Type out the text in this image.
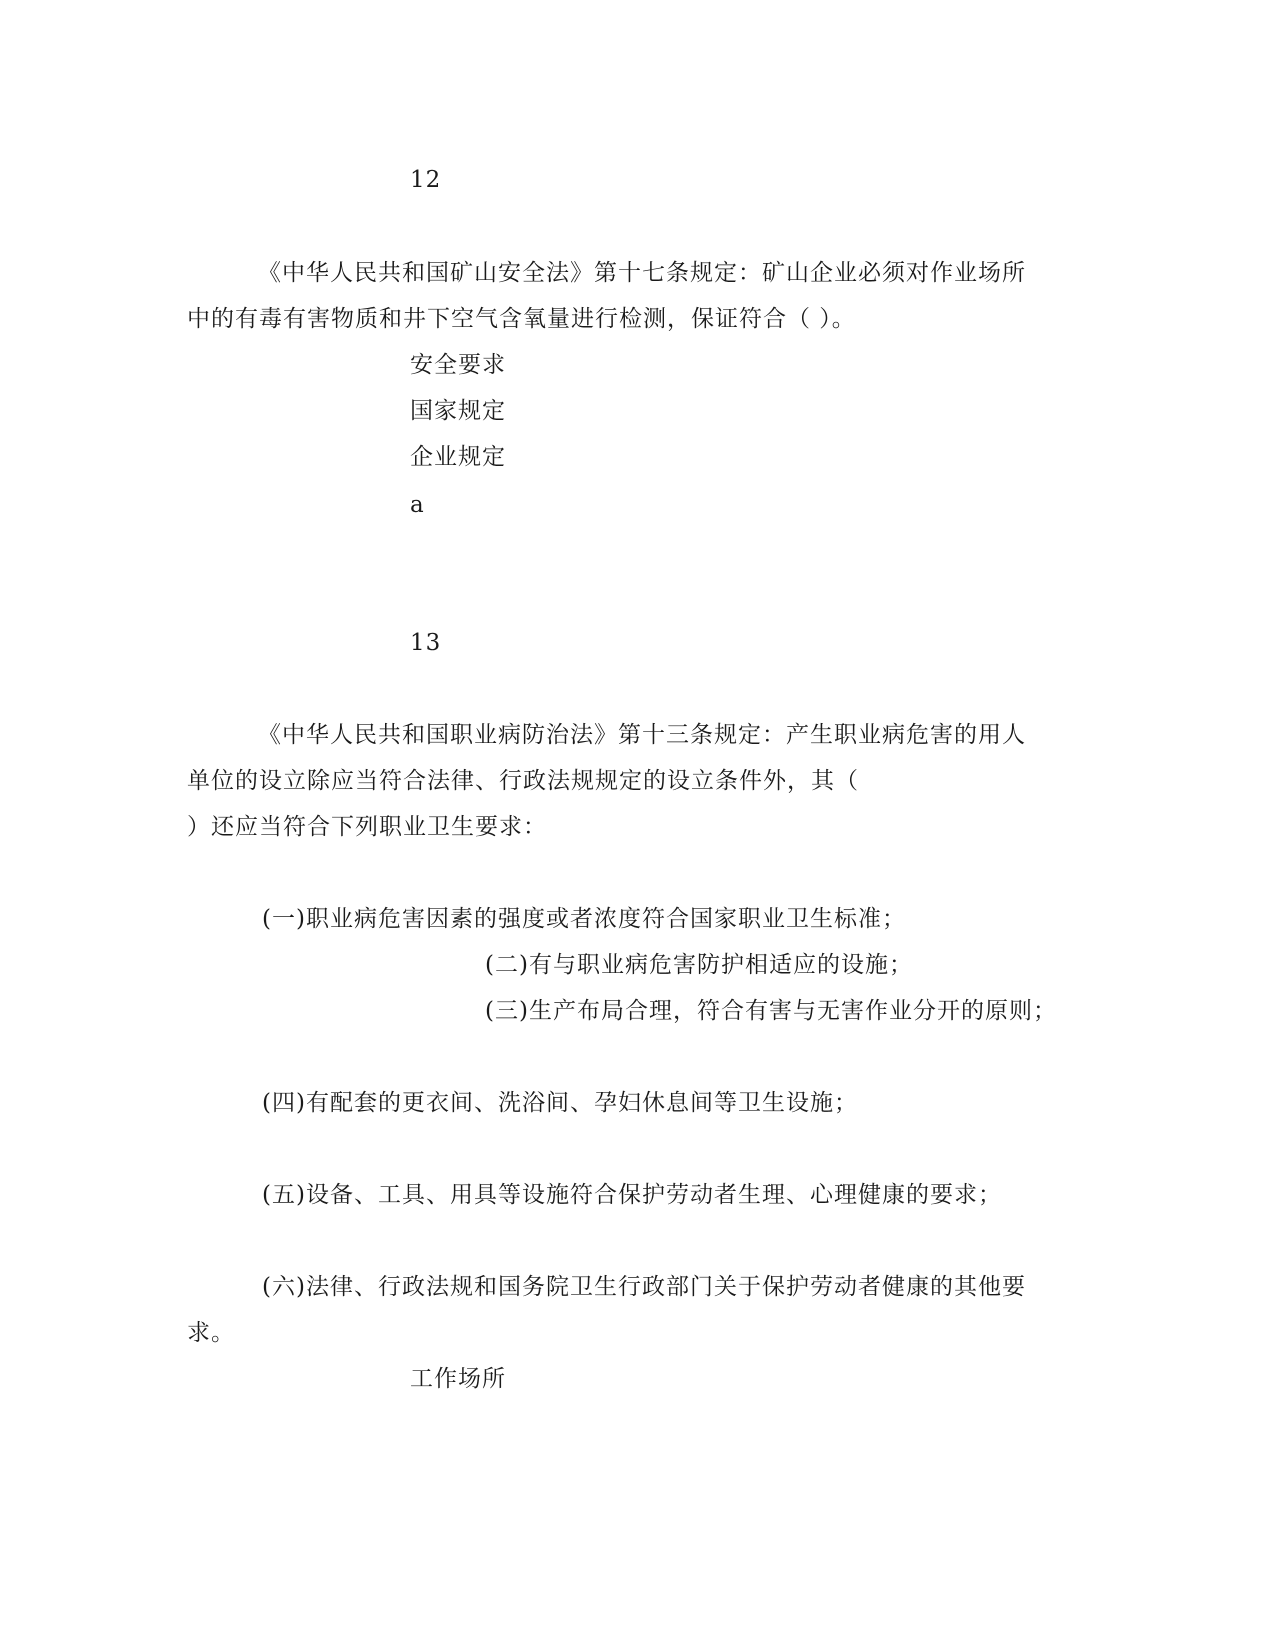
12
《中华人民共和国矿山安全法》第十七条规定：矿山企业必须对作业场所
中的有毒有害物质和井下空气含氧量进行检测，保证符合（ ）。
安全要求
国家规定
企业规定
a
13
《中华人民共和国职业病防治法》第十三条规定：产生职业病危害的用人
单位的设立除应当符合法律、行政法规规定的设立条件外，其（
）还应当符合下列职业卫生要求：
(一)职业病危害因素的强度或者浓度符合国家职业卫生标准；
(二)有与职业病危害防护相适应的设施；
(三)生产布局合理，符合有害与无害作业分开的原则；
(四)有配套的更衣间、洗浴间、孕妇休息间等卫生设施；
(五)设备、工具、用具等设施符合保护劳动者生理、心理健康的要求；
(六)法律、行政法规和国务院卫生行政部门关于保护劳动者健康的其他要
求。
工作场所
